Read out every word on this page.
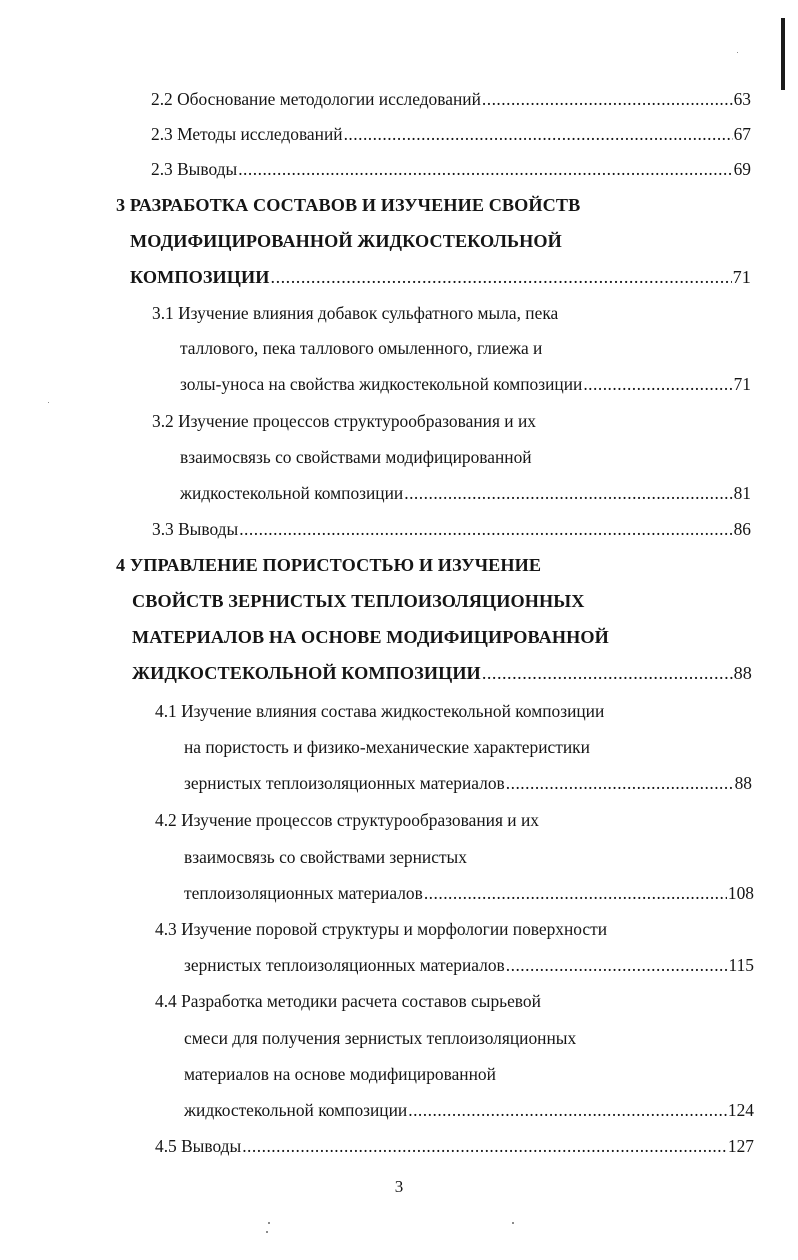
2.2 Обоснование методологии исследований .....	63
2.3 Методы исследований .....	67
2.3 Выводы .....	69
3 РАЗРАБОТКА СОСТАВОВ И ИЗУЧЕНИЕ СВОЙСТВ
МОДИФИЦИРОВАННОЙ ЖИДКОСТЕКОЛЬНОЙ
КОМПОЗИЦИИ .....	71
3.1 Изучение влияния добавок сульфатного мыла, пека
таллового, пека таллового омыленного, глиежа и
золы-уноса на свойства жидкостекольной композиции .....	71
3.2 Изучение процессов структурообразования и их
взаимосвязь со свойствами модифицированной
жидкостекольной композиции .....	81
3.3 Выводы .....	86
4 УПРАВЛЕНИЕ ПОРИСТОСТЬЮ И ИЗУЧЕНИЕ
СВОЙСТВ ЗЕРНИСТЫХ ТЕПЛОИЗОЛЯЦИОННЫХ
МАТЕРИАЛОВ НА ОСНОВЕ МОДИФИЦИРОВАННОЙ
ЖИДКОСТЕКОЛЬНОЙ КОМПОЗИЦИИ .....	88
4.1 Изучение влияния состава жидкостекольной композиции
на пористость и физико-механические характеристики
зернистых теплоизоляционных материалов .....	88
4.2 Изучение процессов структурообразования и их
взаимосвязь со свойствами зернистых
теплоизоляционных материалов .....	108
4.3 Изучение поровой структуры и морфологии поверхности
зернистых теплоизоляционных материалов .....	115
4.4 Разработка методики расчета составов сырьевой
смеси для получения зернистых теплоизоляционных
материалов на основе модифицированной
жидкостекольной композиции .....	124
4.5 Выводы .....	127
3
